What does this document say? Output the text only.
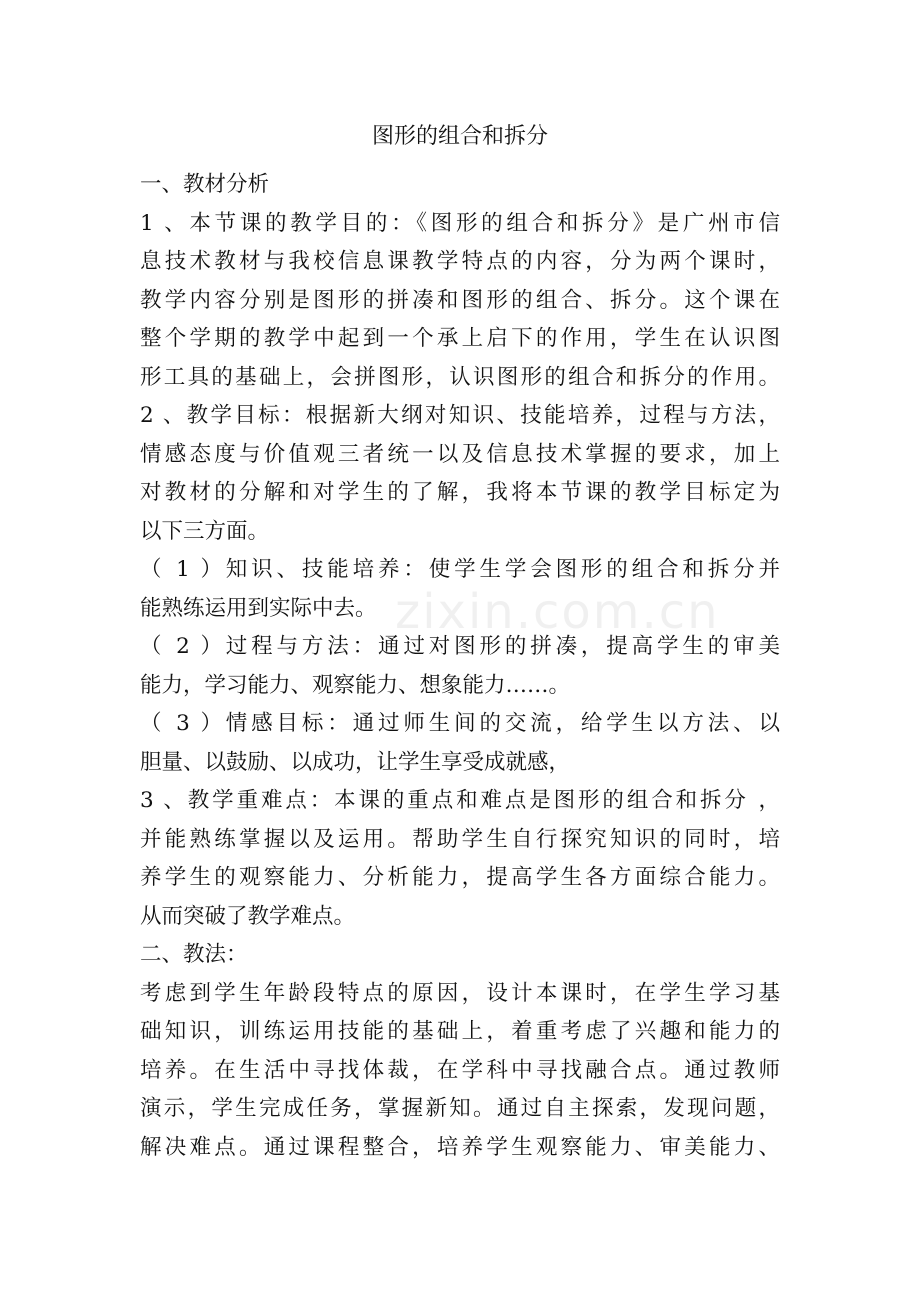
zixin.com.cn
图形的组合和拆分
一、教材分析
1 、本节课的教学目的：《图形的组合和拆分》是广州市信
息技术教材与我校信息课教学特点的内容，分为两个课时，
教学内容分别是图形的拼凑和图形的组合、拆分。这个课在
整个学期的教学中起到一个承上启下的作用，学生在认识图
形工具的基础上，会拼图形，认识图形的组合和拆分的作用。
2 、教学目标：根据新大纲对知识、技能培养，过程与方法，
情感态度与价值观三者统一以及信息技术掌握的要求，加上
对教材的分解和对学生的了解，我将本节课的教学目标定为
以下三方面。
（ 1 ）知识、技能培养：使学生学会图形的组合和拆分并
能熟练运用到实际中去。
（ 2 ）过程与方法：通过对图形的拼凑，提高学生的审美
能力，学习能力、观察能力、想象能力……。
（ 3 ）情感目标：通过师生间的交流，给学生以方法、以
胆量、以鼓励、以成功，让学生享受成就感，
3 、教学重难点：本课的重点和难点是图形的组合和拆分 ，
并能熟练掌握以及运用。帮助学生自行探究知识的同时，培
养学生的观察能力、分析能力，提高学生各方面综合能力。
从而突破了教学难点。
二、教法：
考虑到学生年龄段特点的原因，设计本课时，在学生学习基
础知识，训练运用技能的基础上，着重考虑了兴趣和能力的
培养。在生活中寻找体裁，在学科中寻找融合点。通过教师
演示，学生完成任务，掌握新知。通过自主探索，发现问题，
解决难点。通过课程整合，培养学生观察能力、审美能力、
